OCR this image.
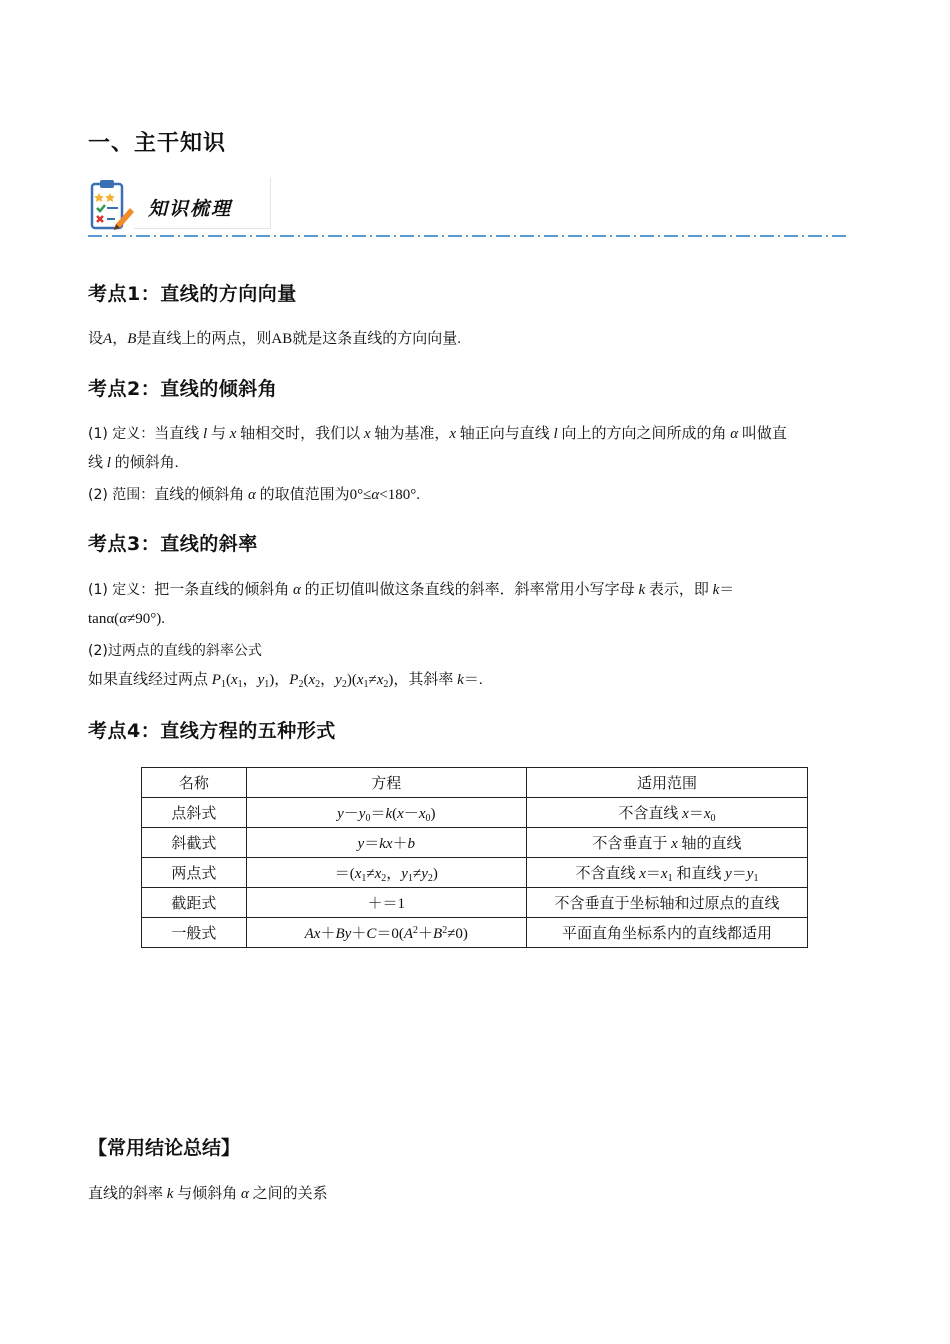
一、主干知识
知识梳理
考点1：直线的方向向量
设A，B是直线上的两点，则AB就是这条直线的方向向量.
考点2：直线的倾斜角
(1) 定义：当直线 l 与 x 轴相交时，我们以 x 轴为基准，x 轴正向与直线 l 向上的方向之间所成的角 α 叫做直
线 l 的倾斜角.
(2) 范围：直线的倾斜角 α 的取值范围为0°≤α<180°.
考点3：直线的斜率
(1) 定义：把一条直线的倾斜角 α 的正切值叫做这条直线的斜率．斜率常用小写字母 k 表示，即 k＝
tanα(α≠90°).
(2)过两点的直线的斜率公式
如果直线经过两点 $P_1(x_1$，$y_1$)，$P_2(x_2$，$y_2)(x_1\ne x_2)$，其斜率 k＝.
考点4：直线方程的五种形式
名称	方程	适用范围
点斜式	$y-y_0=k(x-x_0)$	不含直线 $x=x_0$
斜截式	y＝kx＋b	不含垂直于 x 轴的直线
两点式	$=(x_1\ne x_2$，$y_1\ne y_2$)	不含直线 $x=x_1$ 和直线 $y=y_1$
截距式	＋＝1	不含垂直于坐标轴和过原点的直线
一般式	$Ax+By+C=0(A^2+B^2\ne 0)$	平面直角坐标系内的直线都适用
【常用结论总结】
直线的斜率 k 与倾斜角 α 之间的关系
